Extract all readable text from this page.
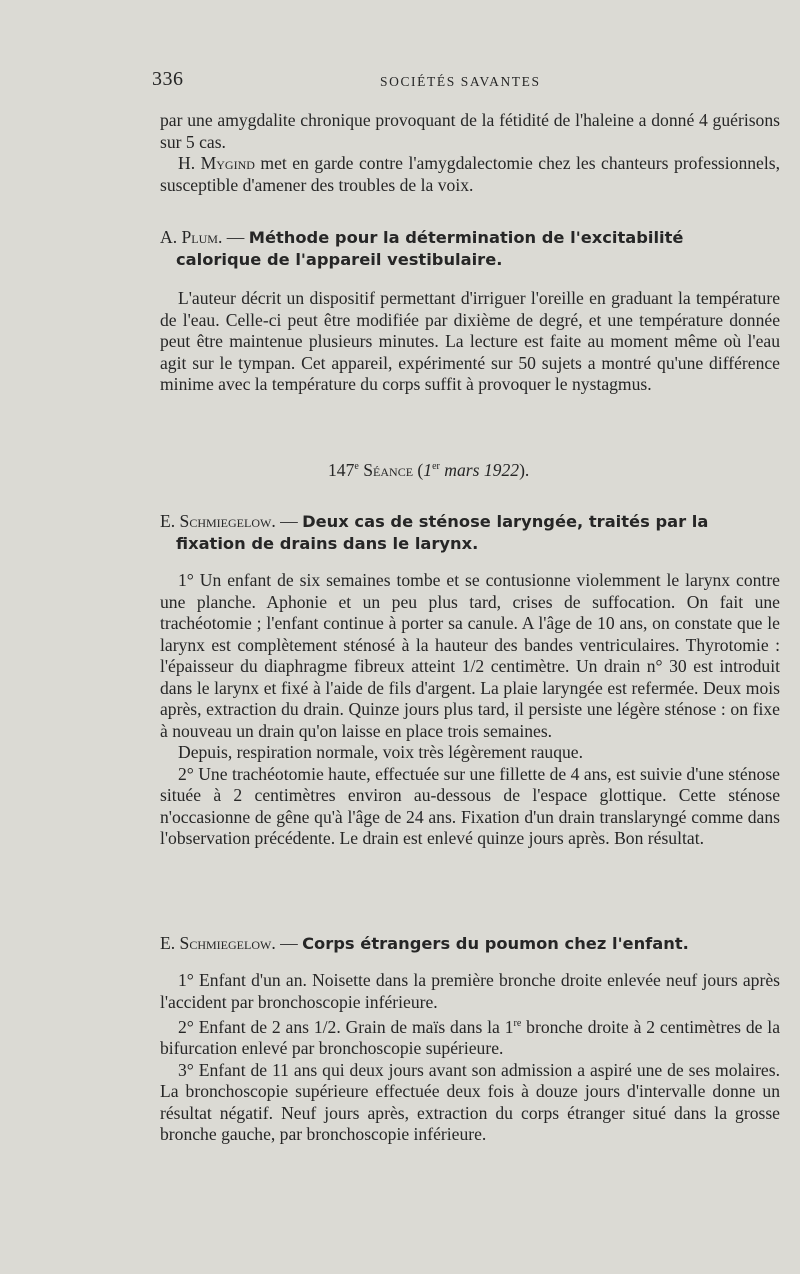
336	SOCIÉTÉS SAVANTES

par une amygdalite chronique provoquant de la fétidité de l'haleine a donné 4 guérisons sur 5 cas.

H. Mygind met en garde contre l'amygdalectomie chez les chanteurs professionnels, susceptible d'amener des troubles de la voix.

A. Plum. — Méthode pour la détermination de l'excitabilité
calorique de l'appareil vestibulaire.

L'auteur décrit un dispositif permettant d'irriguer l'oreille en graduant la température de l'eau. Celle-ci peut être modifiée par dixième de degré, et une température donnée peut être maintenue plusieurs minutes. La lecture est faite au moment même où l'eau agit sur le tympan. Cet appareil, expérimenté sur 50 sujets a montré qu'une différence minime avec la température du corps suffit à provoquer le nystagmus.

147e Séance (1er mars 1922).
E. Schmiegelow. — Deux cas de sténose laryngée, traités par la
fixation de drains dans le larynx.

1° Un enfant de six semaines tombe et se contusionne violemment le larynx contre une planche. Aphonie et un peu plus tard, crises de suffocation. On fait une trachéotomie ; l'enfant continue à porter sa canule. A l'âge de 10 ans, on constate que le larynx est complètement sténosé à la hauteur des bandes ventriculaires. Thyrotomie : l'épaisseur du diaphragme fibreux atteint 1/2 centimètre. Un drain n° 30 est introduit dans le larynx et fixé à l'aide de fils d'argent. La plaie laryngée est refermée. Deux mois après, extraction du drain. Quinze jours plus tard, il persiste une légère sténose : on fixe à nouveau un drain qu'on laisse en place trois semaines.

Depuis, respiration normale, voix très légèrement rauque.

2° Une trachéotomie haute, effectuée sur une fillette de 4 ans, est suivie d'une sténose située à 2 centimètres environ au-dessous de l'espace glottique. Cette sténose n'occasionne de gêne qu'à l'âge de 24 ans. Fixation d'un drain translaryngé comme dans l'observation précédente. Le drain est enlevé quinze jours après. Bon résultat.

E. Schmiegelow. — Corps étrangers du poumon chez l'enfant.

1° Enfant d'un an. Noisette dans la première bronche droite enlevée neuf jours après l'accident par bronchoscopie inférieure.

2° Enfant de 2 ans 1/2. Grain de maïs dans la 1re bronche droite à 2 centimètres de la bifurcation enlevé par bronchoscopie supérieure.

3° Enfant de 11 ans qui deux jours avant son admission a aspiré une de ses molaires. La bronchoscopie supérieure effectuée deux fois à douze jours d'intervalle donne un résultat négatif. Neuf jours après, extraction du corps étranger situé dans la grosse bronche gauche, par bronchoscopie inférieure.
